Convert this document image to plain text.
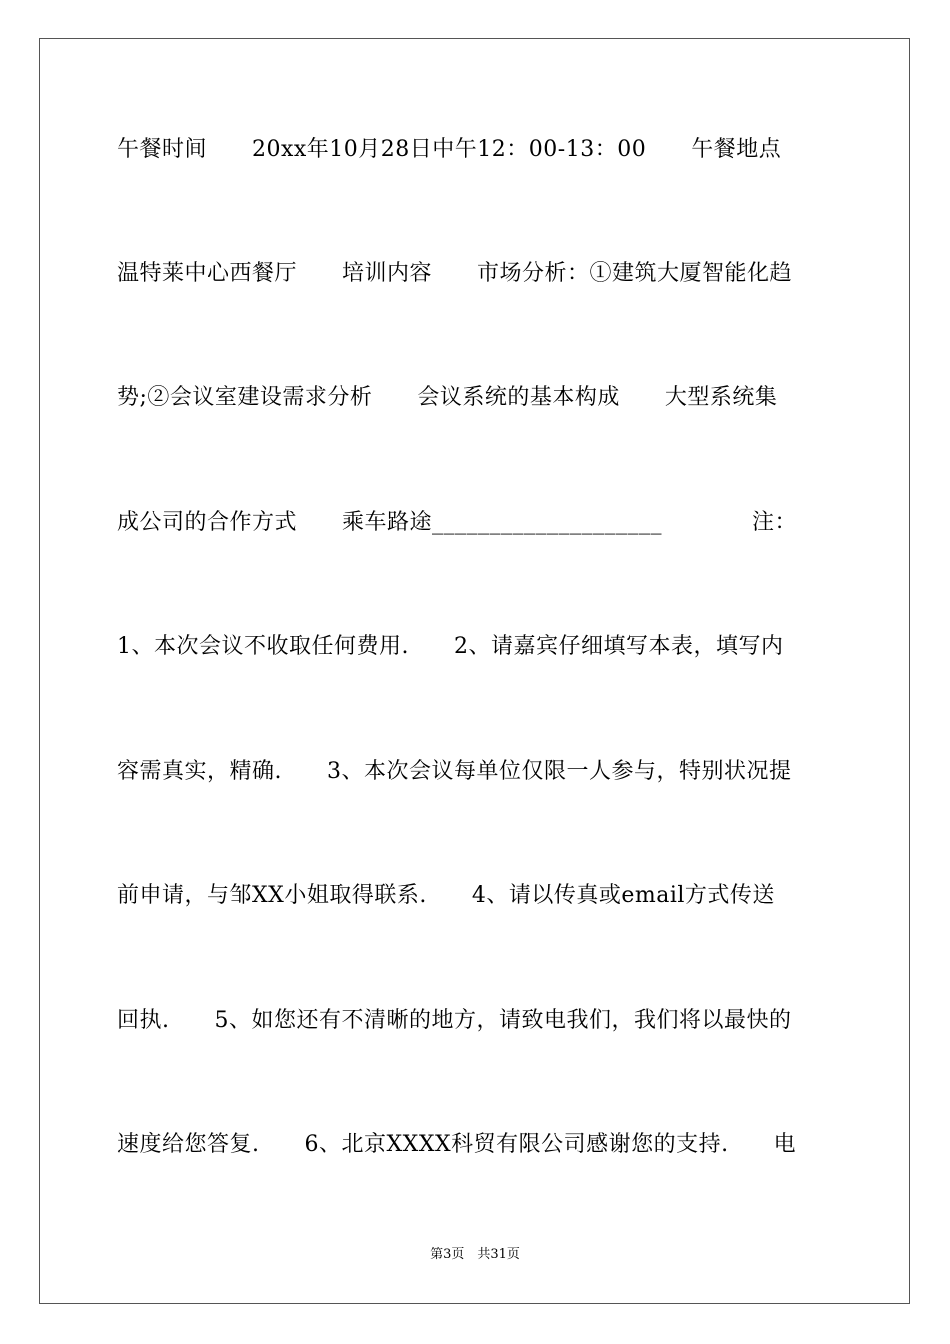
午餐时间　　20xx年10月28日中午12：00-13：00　　午餐地点
温特莱中心西餐厅　　培训内容　　市场分析：①建筑大厦智能化趋
势;②会议室建设需求分析　　会议系统的基本构成　　大型系统集
成公司的合作方式　　乘车路途____________________　　　　注：
1、本次会议不收取任何费用.　　2、请嘉宾仔细填写本表，填写内
容需真实，精确.　　3、本次会议每单位仅限一人参与，特别状况提
前申请，与邹XX小姐取得联系.　　4、请以传真或email方式传送
回执.　　5、如您还有不清晰的地方，请致电我们，我们将以最快的
速度给您答复.　　6、北京XXXX科贸有限公司感谢您的支持.　　电
第3页　共31页
